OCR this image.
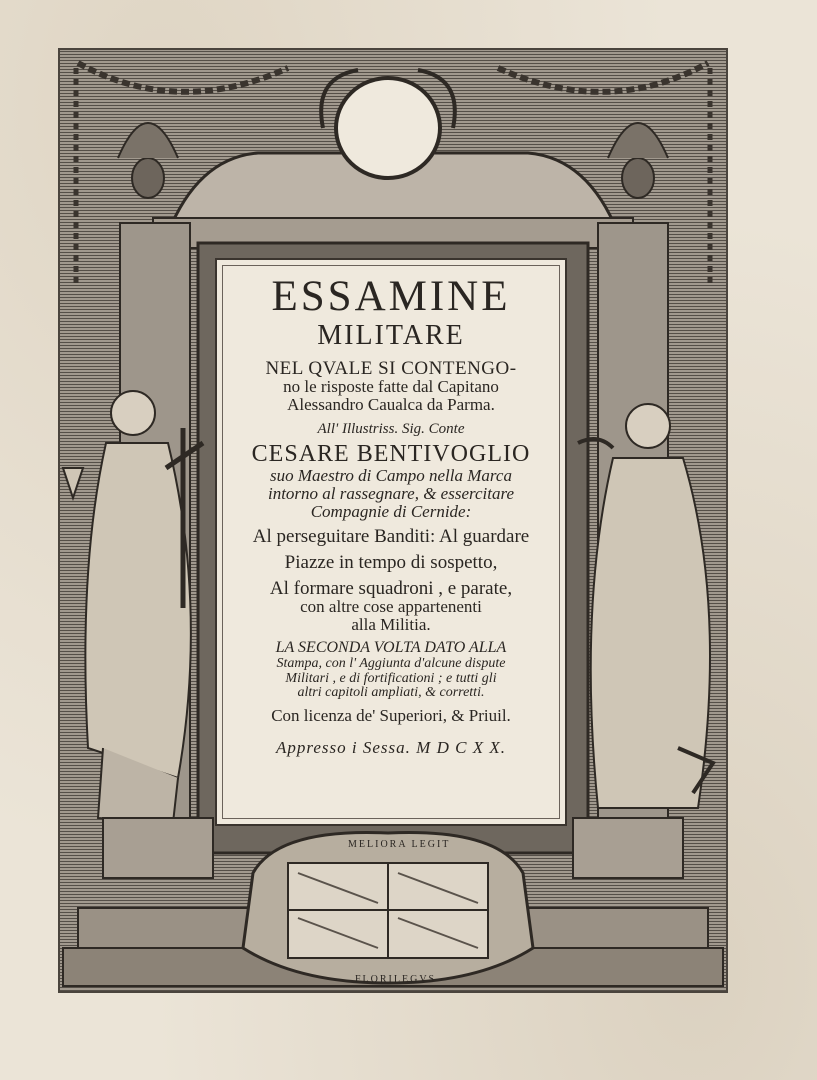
MELIORA LEGIT
FLORILEGVS
ESSAMINE
MILITARE
NEL QVALE SI CONTENGO-
no le risposte fatte dal Capitano
Alessandro Caualca da Parma.
All' Illustriss. Sig. Conte
CESARE BENTIVOGLIO
suo Maestro di Campo nella Marca
intorno al rassegnare, & essercitare
Compagnie di Cernide:
Al perseguitare Banditi: Al guardare
Piazze in tempo di sospetto,
Al formare squadroni , e parate,
con altre cose appartenenti
alla Militia.
LA SECONDA VOLTA DATO ALLA
Stampa, con l' Aggiunta d'alcune dispute
Militari , e di fortificationi ; e tutti gli
altri capitoli ampliati, & corretti.
Con licenza de' Superiori, & Priuil.
Appresso i Sessa. M D C X X.
